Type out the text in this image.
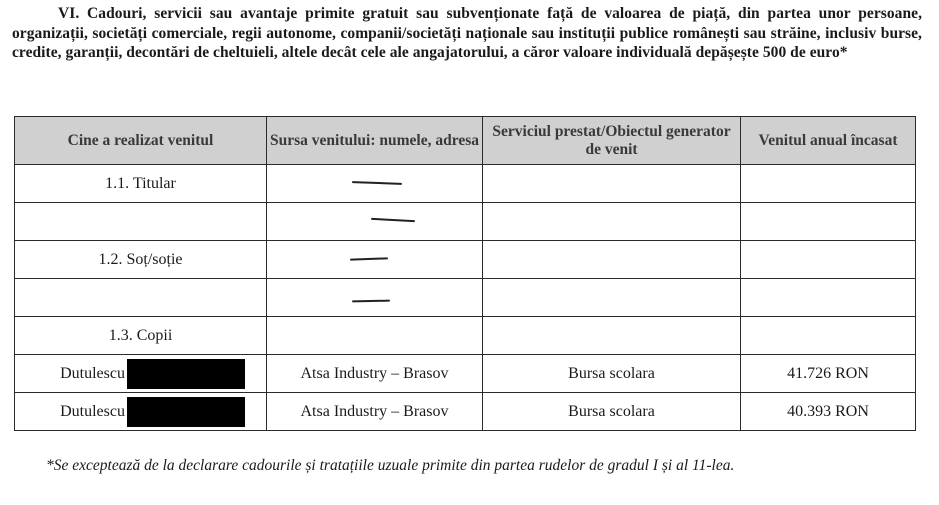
VI. Cadouri, servicii sau avantaje primite gratuit sau subvenționate față de valoarea de piață, din partea unor persoane, organizații, societăți comerciale, regii autonome, companii/societăți naționale sau instituții publice românești sau străine, inclusiv burse, credite, garanții, decontări de cheltuieli, altele decât cele ale angajatorului, a căror valoare individuală depășește 500 de euro*
Cine a realizat venitul	Sursa venitului: numele, adresa	Serviciul prestat/Obiectul generator de venit	Venitul anual încasat
1.1. Titular			

1.2. Soț/soție			

1.3. Copii			

Dutulescu	Atsa Industry – Brasov	Bursa scolara	41.726 RON

Dutulescu	Atsa Industry – Brasov	Bursa scolara	40.393 RON
*Se exceptează de la declarare cadourile și tratațiile uzuale primite din partea rudelor de gradul I și al 11-lea.
